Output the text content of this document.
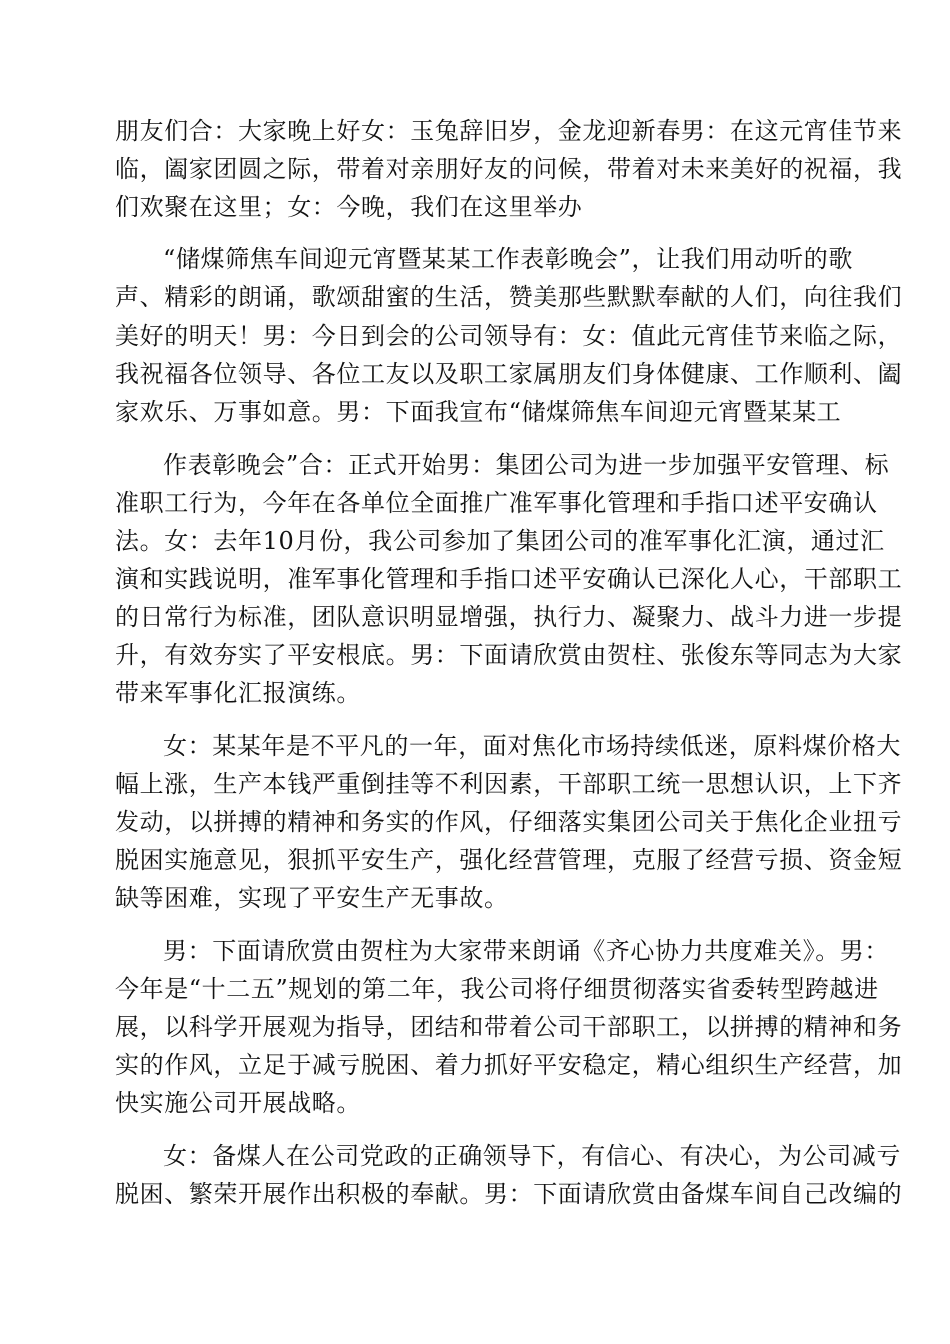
朋友们合：大家晚上好女：玉兔辞旧岁，金龙迎新春男：在这元宵佳节来
临，阖家团圆之际，带着对亲朋好友的问候，带着对未来美好的祝福，我
们欢聚在这里；女：今晚，我们在这里举办
“储煤筛焦车间迎元宵暨某某工作表彰晚会”，让我们用动听的歌
声、精彩的朗诵，歌颂甜蜜的生活，赞美那些默默奉献的人们，向往我们
美好的明天！男：今日到会的公司领导有：女：值此元宵佳节来临之际，
我祝福各位领导、各位工友以及职工家属朋友们身体健康、工作顺利、阖
家欢乐、万事如意。男：下面我宣布“储煤筛焦车间迎元宵暨某某工
作表彰晚会”合：正式开始男：集团公司为进一步加强平安管理、标
准职工行为，今年在各单位全面推广准军事化管理和手指口述平安确认
法。女：去年10月份，我公司参加了集团公司的准军事化汇演，通过汇
演和实践说明，准军事化管理和手指口述平安确认已深化人心，干部职工
的日常行为标准，团队意识明显增强，执行力、凝聚力、战斗力进一步提
升，有效夯实了平安根底。男：下面请欣赏由贺柱、张俊东等同志为大家
带来军事化汇报演练。
女：某某年是不平凡的一年，面对焦化市场持续低迷，原料煤价格大
幅上涨，生产本钱严重倒挂等不利因素，干部职工统一思想认识，上下齐
发动，以拼搏的精神和务实的作风，仔细落实集团公司关于焦化企业扭亏
脱困实施意见，狠抓平安生产，强化经营管理，克服了经营亏损、资金短
缺等困难，实现了平安生产无事故。
男：下面请欣赏由贺柱为大家带来朗诵《齐心协力共度难关》。男：
今年是“十二五”规划的第二年，我公司将仔细贯彻落实省委转型跨越进
展，以科学开展观为指导，团结和带着公司干部职工，以拼搏的精神和务
实的作风，立足于减亏脱困、着力抓好平安稳定，精心组织生产经营，加
快实施公司开展战略。
女：备煤人在公司党政的正确领导下，有信心、有决心，为公司减亏
脱困、繁荣开展作出积极的奉献。男：下面请欣赏由备煤车间自己改编的
